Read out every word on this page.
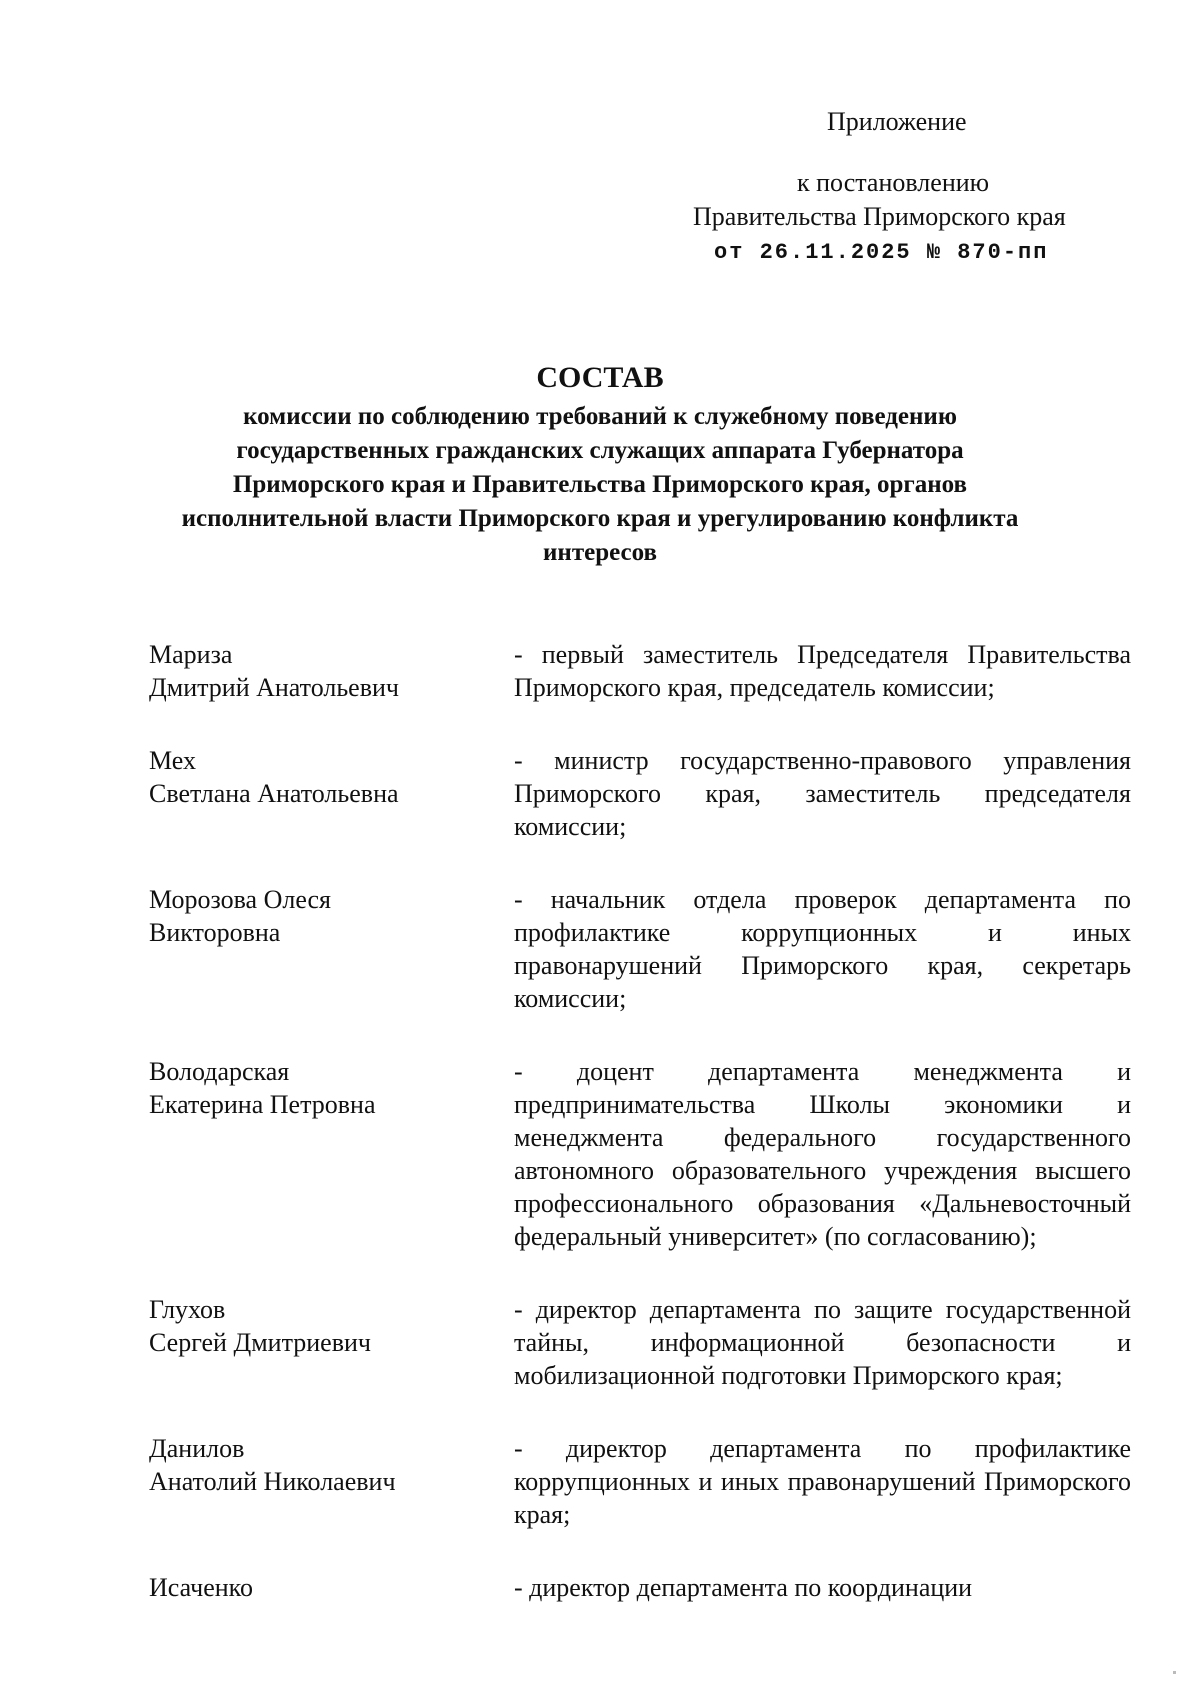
Приложение
к постановлению
Правительства Приморского края
от 26.11.2025 № 870-пп
СОСТАВ
комиссии по соблюдению требований к служебному поведению государственных гражданских служащих аппарата Губернатора Приморского края и Правительства Приморского края, органов исполнительной власти Приморского края и урегулированию конфликта интересов
Мариза
Дмитрий Анатольевич
- первый заместитель Председателя Правительства Приморского края, председатель комиссии;
Мех
Светлана Анатольевна
- министр государственно-правового управления Приморского края, заместитель председателя комиссии;
Морозова Олеся
Викторовна
- начальник отдела проверок департамента по профилактике коррупционных и иных правонарушений Приморского края, секретарь комиссии;
Володарская
Екатерина Петровна
- доцент департамента менеджмента и предпринимательства Школы экономики и менеджмента федерального государственного автономного образовательного учреждения высшего профессионального образования «Дальневосточный федеральный университет» (по согласованию);
Глухов
Сергей Дмитриевич
- директор департамента по защите государственной тайны, информационной безопасности и мобилизационной подготовки Приморского края;
Данилов
Анатолий Николаевич
- директор департамента по профилактике коррупционных и иных правонарушений Приморского края;
Исаченко	- директор департамента по координации
